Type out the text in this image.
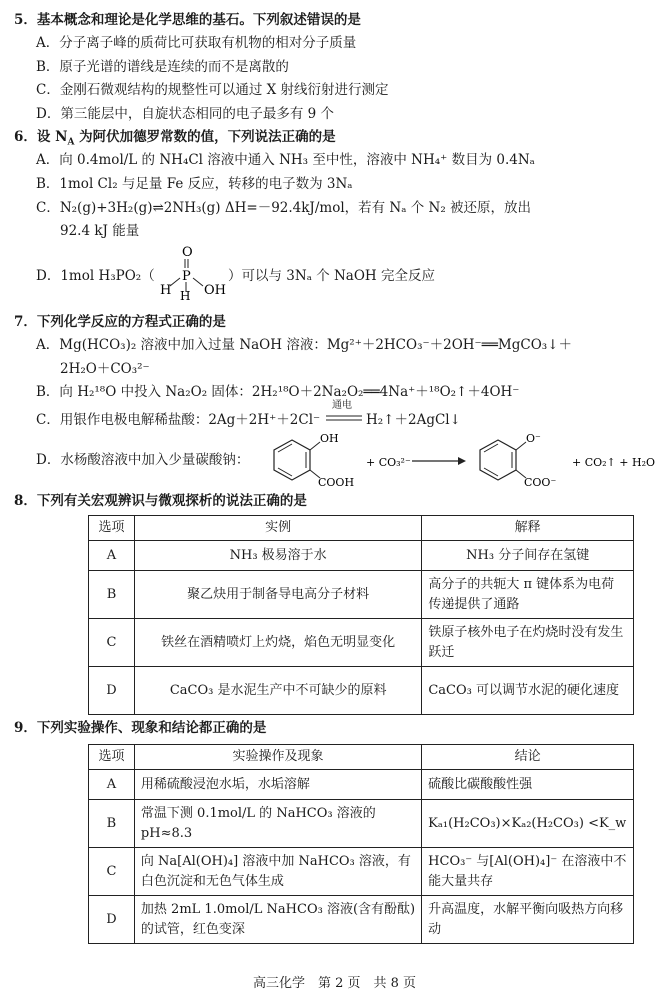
5．基本概念和理论是化学思维的基石。下列叙述错误的是
A．分子离子峰的质荷比可获取有机物的相对分子质量
B．原子光谱的谱线是连续的而不是离散的
C．金刚石微观结构的规整性可以通过 X 射线衍射进行测定
D．第三能层中，自旋状态相同的电子最多有 9 个
6．设 $N_A$ 为阿伏加德罗常数的值，下列说法正确的是
A．向 0.4mol/L 的 NH₄Cl 溶液中通入 NH₃ 至中性，溶液中 NH₄⁺ 数目为 0.4Nₐ
B．1mol Cl₂ 与足量 Fe 反应，转移的电子数为 3Nₐ
C．N₂(g)+3H₂(g)⇌2NH₃(g) ΔH=－92.4kJ/mol，若有 Nₐ 个 N₂ 被还原，放出
92.4 kJ 能量
D．1mol H₃PO₂（
O
P
H	OH
H
）可以与 3Nₐ 个 NaOH 完全反应
7．下列化学反应的方程式正确的是
A．Mg(HCO₃)₂ 溶液中加入过量 NaOH 溶液：Mg²⁺＋2HCO₃⁻＋2OH⁻══MgCO₃↓＋
2H₂O＋CO₃²⁻
B．向 H₂¹⁸O 中投入 Na₂O₂ 固体：2H₂¹⁸O＋2Na₂O₂══4Na⁺＋¹⁸O₂↑＋4OH⁻
C．用银作电极电解稀盐酸：2Ag＋2H⁺＋2Cl⁻
通电
H₂↑＋2AgCl↓
D．水杨酸溶液中加入少量碳酸钠：
OH
COOH
+ CO₃²⁻
O⁻
COO⁻
+ CO₂↑ + H₂O
8．下列有关宏观辨识与微观探析的说法正确的是
选项	实例	解释
A	NH₃ 极易溶于水	NH₃ 分子间存在氢键
B	聚乙炔用于制备导电高分子材料	高分子的共轭大 π 键体系为电荷传递提供了通路
C	铁丝在酒精喷灯上灼烧，焰色无明显变化	铁原子核外电子在灼烧时没有发生跃迁
D	CaCO₃ 是水泥生产中不可缺少的原料	CaCO₃ 可以调节水泥的硬化速度
9．下列实验操作、现象和结论都正确的是
选项	实验操作及现象	结论
A	用稀硫酸浸泡水垢，水垢溶解	硫酸比碳酸酸性强
B	常温下测 0.1mol/L 的 NaHCO₃ 溶液的 pH≈8.3	Kₐ₁(H₂CO₃)×Kₐ₂(H₂CO₃) <K_w
C	向 Na[Al(OH)₄] 溶液中加 NaHCO₃ 溶液，有白色沉淀和无色气体生成	HCO₃⁻ 与[Al(OH)₄]⁻ 在溶液中不能大量共存
D	加热 2mL 1.0mol/L NaHCO₃ 溶液(含有酚酞)的试管，红色变深	升高温度，水解平衡向吸热方向移动
高三化学　第 2 页　共 8 页
